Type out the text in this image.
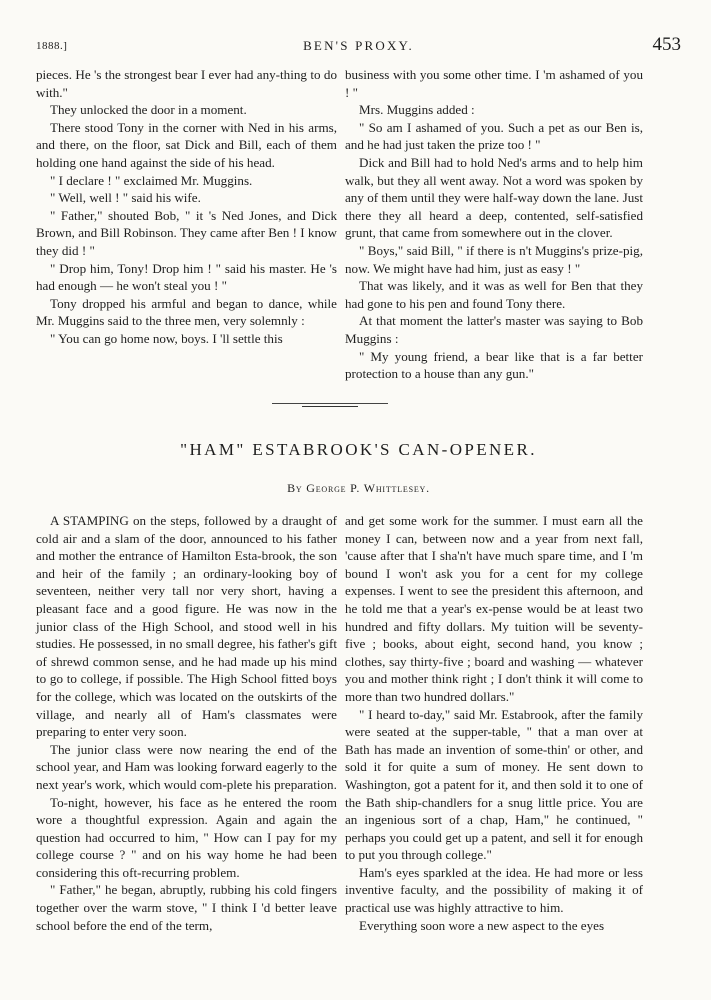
1888.]	BEN'S PROXY.	453

pieces. He 's the strongest bear I ever had any-thing to do with."

They unlocked the door in a moment.

There stood Tony in the corner with Ned in his arms, and there, on the floor, sat Dick and Bill, each of them holding one hand against the side of his head.

" I declare ! " exclaimed Mr. Muggins.

" Well, well ! " said his wife.

" Father," shouted Bob, " it 's Ned Jones, and Dick Brown, and Bill Robinson. They came after Ben ! I know they did ! "

" Drop him, Tony! Drop him ! " said his master. He 's had enough — he won't steal you ! "

Tony dropped his armful and began to dance, while Mr. Muggins said to the three men, very solemnly :

" You can go home now, boys. I 'll settle this

business with you some other time. I 'm ashamed of you ! "

Mrs. Muggins added :

" So am I ashamed of you. Such a pet as our Ben is, and he had just taken the prize too ! "

Dick and Bill had to hold Ned's arms and to help him walk, but they all went away. Not a word was spoken by any of them until they were half-way down the lane. Just there they all heard a deep, contented, self-satisfied grunt, that came from somewhere out in the clover.

" Boys," said Bill, " if there is n't Muggins's prize-pig, now. We might have had him, just as easy ! "

That was likely, and it was as well for Ben that they had gone to his pen and found Tony there.

At that moment the latter's master was saying to Bob Muggins :

" My young friend, a bear like that is a far better protection to a house than any gun."

"HAM" ESTABROOK'S CAN-OPENER.
By George P. Whittlesey.

A STAMPING on the steps, followed by a draught of cold air and a slam of the door, announced to his father and mother the entrance of Hamilton Esta-brook, the son and heir of the family ; an ordinary-looking boy of seventeen, neither very tall nor very short, having a pleasant face and a good figure. He was now in the junior class of the High School, and stood well in his studies. He possessed, in no small degree, his father's gift of shrewd common sense, and he had made up his mind to go to college, if possible. The High School fitted boys for the college, which was located on the outskirts of the village, and nearly all of Ham's classmates were preparing to enter very soon.

The junior class were now nearing the end of the school year, and Ham was looking forward eagerly to the next year's work, which would com-plete his preparation.

To-night, however, his face as he entered the room wore a thoughtful expression. Again and again the question had occurred to him, " How can I pay for my college course ? " and on his way home he had been considering this oft-recurring problem.

" Father," he began, abruptly, rubbing his cold fingers together over the warm stove, " I think I 'd better leave school before the end of the term,

and get some work for the summer. I must earn all the money I can, between now and a year from next fall, 'cause after that I sha'n't have much spare time, and I 'm bound I won't ask you for a cent for my college expenses. I went to see the president this afternoon, and he told me that a year's ex-pense would be at least two hundred and fifty dollars. My tuition will be seventy-five ; books, about eight, second hand, you know ; clothes, say thirty-five ; board and washing — whatever you and mother think right ; I don't think it will come to more than two hundred dollars."

" I heard to-day," said Mr. Estabrook, after the family were seated at the supper-table, " that a man over at Bath has made an invention of some-thin' or other, and sold it for quite a sum of money. He sent down to Washington, got a patent for it, and then sold it to one of the Bath ship-chandlers for a snug little price. You are an ingenious sort of a chap, Ham," he continued, " perhaps you could get up a patent, and sell it for enough to put you through college."

Ham's eyes sparkled at the idea. He had more or less inventive faculty, and the possibility of making it of practical use was highly attractive to him.

Everything soon wore a new aspect to the eyes
